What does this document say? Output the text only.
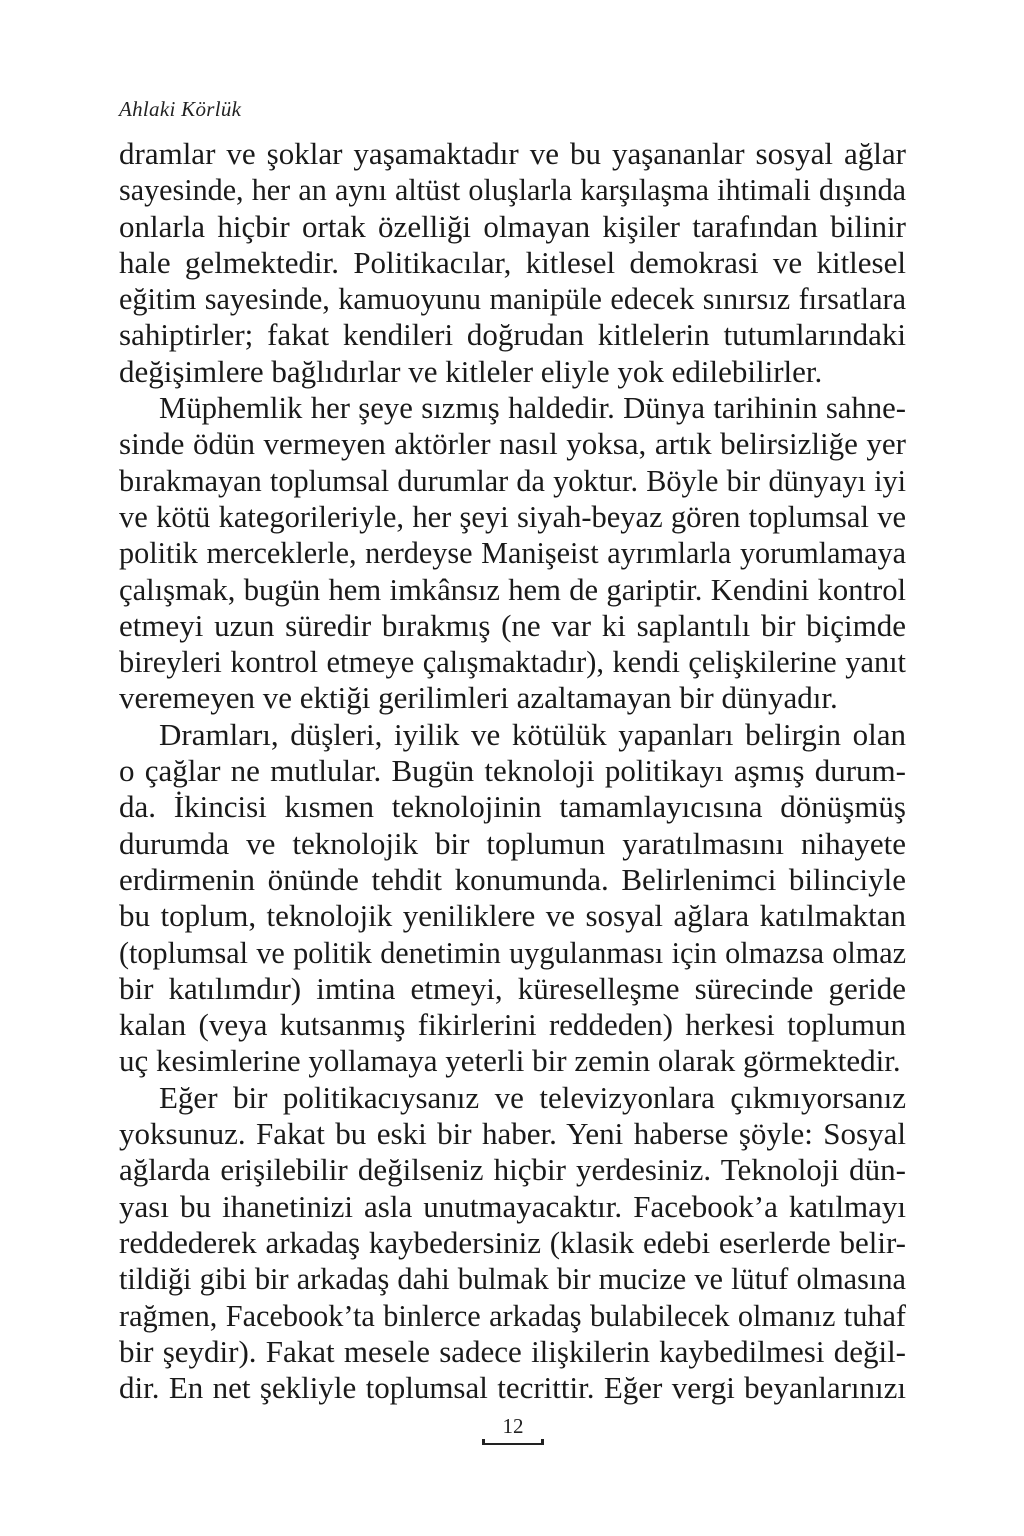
Ahlaki Körlük
dramlar ve şoklar yaşamaktadır ve bu yaşananlar sosyal ağlar
sayesinde, her an aynı altüst oluşlarla karşılaşma ihtimali dışında
onlarla hiçbir ortak özelliği olmayan kişiler tarafından bilinir
hale gelmektedir. Politikacılar, kitlesel demokrasi ve kitlesel
eğitim sayesinde, kamuoyunu manipüle edecek sınırsız fırsatlara
sahiptirler; fakat kendileri doğrudan kitlelerin tutumlarındaki
değişimlere bağlıdırlar ve kitleler eliyle yok edilebilirler.
Müphemlik her şeye sızmış haldedir. Dünya tarihinin sahne-
sinde ödün vermeyen aktörler nasıl yoksa, artık belirsizliğe yer
bırakmayan toplumsal durumlar da yoktur. Böyle bir dünyayı iyi
ve kötü kategorileriyle, her şeyi siyah-beyaz gören toplumsal ve
politik merceklerle, nerdeyse Manişeist ayrımlarla yorumlamaya
çalışmak, bugün hem imkânsız hem de gariptir. Kendini kontrol
etmeyi uzun süredir bırakmış (ne var ki saplantılı bir biçimde
bireyleri kontrol etmeye çalışmaktadır), kendi çelişkilerine yanıt
veremeyen ve ektiği gerilimleri azaltamayan bir dünyadır.
Dramları, düşleri, iyilik ve kötülük yapanları belirgin olan
o çağlar ne mutlular. Bugün teknoloji politikayı aşmış durum-
da. İkincisi kısmen teknolojinin tamamlayıcısına dönüşmüş
durumda ve teknolojik bir toplumun yaratılmasını nihayete
erdirmenin önünde tehdit konumunda. Belirlenimci bilinciyle
bu toplum, teknolojik yeniliklere ve sosyal ağlara katılmaktan
(toplumsal ve politik denetimin uygulanması için olmazsa olmaz
bir katılımdır) imtina etmeyi, küreselleşme sürecinde geride
kalan (veya kutsanmış fikirlerini reddeden) herkesi toplumun
uç kesimlerine yollamaya yeterli bir zemin olarak görmektedir.
Eğer bir politikacıysanız ve televizyonlara çıkmıyorsanız
yoksunuz. Fakat bu eski bir haber. Yeni haberse şöyle: Sosyal
ağlarda erişilebilir değilseniz hiçbir yerdesiniz. Teknoloji dün-
yası bu ihanetinizi asla unutmayacaktır. Facebook’a katılmayı
reddederek arkadaş kaybedersiniz (klasik edebi eserlerde belir-
tildiği gibi bir arkadaş dahi bulmak bir mucize ve lütuf olmasına
rağmen, Facebook’ta binlerce arkadaş bulabilecek olmanız tuhaf
bir şeydir). Fakat mesele sadece ilişkilerin kaybedilmesi değil-
dir. En net şekliyle toplumsal tecrittir. Eğer vergi beyanlarınızı
12
